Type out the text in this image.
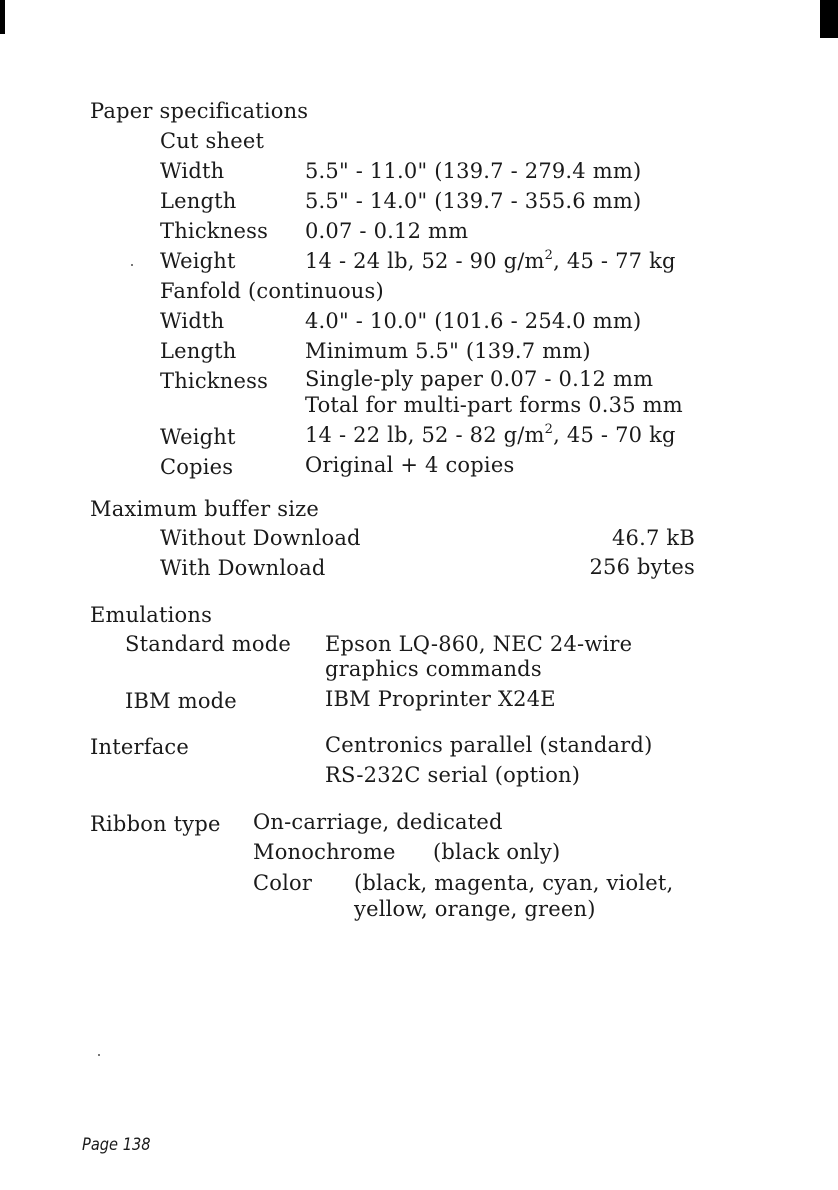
Paper specifications
Cut sheet
Width	5.5" - 11.0" (139.7 - 279.4 mm)
Length	5.5" - 14.0" (139.7 - 355.6 mm)
Thickness 0.07 - 0.12 mm
Weight	14 - 24 lb, 52 - 90 $g/m^2$, 45 - 77 kg
Fanfold (continuous)
Width	4.0" - 10.0" (101.6 - 254.0 mm)
Length	Minimum 5.5" (139.7 mm)
Thickness Single-ply paper 0.07 - 0.12 mm
Total for multi-part forms 0.35 mm
Weight	14 - 22 lb, 52 - 82 $g/m^2$, 45 - 70 kg
Copies	Original + 4 copies
Maximum buffer size
Without Download	46.7 kB
With Download	256 bytes
Emulations
Standard mode Epson LQ-860, NEC 24-wire
graphics commands
IBM mode	IBM Proprinter X24E
Interface	Centronics parallel (standard)
RS-232C serial (option)
Ribbon type On-carriage, dedicated
Monochrome (black only)
Color (black, magenta, cyan, violet,
yellow, orange, green)
Page 138
